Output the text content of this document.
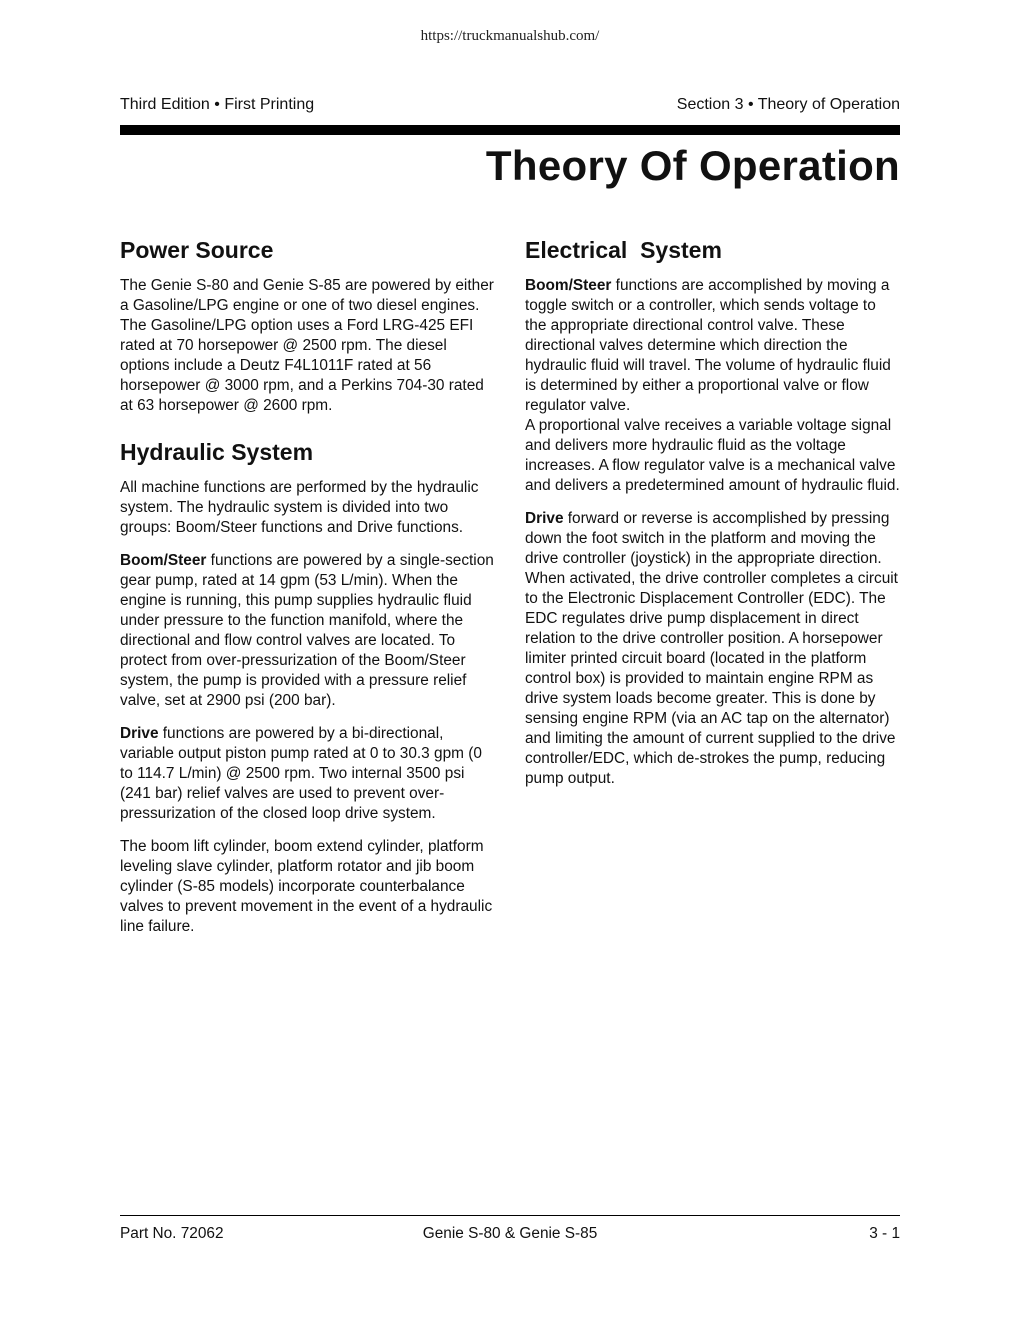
https://truckmanualshub.com/
Third Edition • First Printing	Section 3 • Theory of Operation
Theory Of Operation
Power Source

The Genie S-80 and Genie S-85 are powered by either a Gasoline/LPG engine or one of two diesel engines. The Gasoline/LPG option uses a Ford LRG-425 EFI rated at 70 horsepower @ 2500 rpm. The diesel options include a Deutz F4L1011F rated at 56 horsepower @ 3000 rpm, and a Perkins 704-30 rated at 63 horsepower @ 2600 rpm.

Hydraulic System

All machine functions are performed by the hydraulic system. The hydraulic system is divided into two groups: Boom/Steer functions and Drive functions.

Boom/Steer functions are powered by a single-section gear pump, rated at 14 gpm (53 L/min). When the engine is running, this pump supplies hydraulic fluid under pressure to the function manifold, where the directional and flow control valves are located. To protect from over-pressurization of the Boom/Steer system, the pump is provided with a pressure relief valve, set at 2900 psi (200 bar).

Drive functions are powered by a bi-directional, variable output piston pump rated at 0 to 30.3 gpm (0 to 114.7 L/min) @ 2500 rpm. Two internal 3500 psi (241 bar) relief valves are used to prevent over-pressurization of the closed loop drive system.

The boom lift cylinder, boom extend cylinder, platform leveling slave cylinder, platform rotator and jib boom cylinder (S-85 models) incorporate counterbalance valves to prevent movement in the event of a hydraulic line failure.

Electrical  System

Boom/Steer functions are accomplished by moving a toggle switch or a controller, which sends voltage to the appropriate directional control valve. These directional valves determine which direction the hydraulic fluid will travel. The volume of hydraulic fluid is determined by either a proportional valve or flow regulator valve.

A proportional valve receives a variable voltage signal and delivers more hydraulic fluid as the voltage increases. A flow regulator valve is a mechanical valve and delivers a predetermined amount of hydraulic fluid.

Drive forward or reverse is accomplished by pressing down the foot switch in the platform and moving the drive controller (joystick) in the appropriate direction. When activated, the drive controller completes a circuit to the Electronic Displacement Controller (EDC). The EDC regulates drive pump displacement in direct relation to the drive controller position. A horsepower limiter printed circuit board (located in the platform control box) is provided to maintain engine RPM as drive system loads become greater. This is done by sensing engine RPM (via an AC tap on the alternator) and limiting the amount of current supplied to the drive controller/EDC, which de-strokes the pump, reducing pump output.

Part No. 72062	Genie S-80 & Genie S-85	3 - 1
